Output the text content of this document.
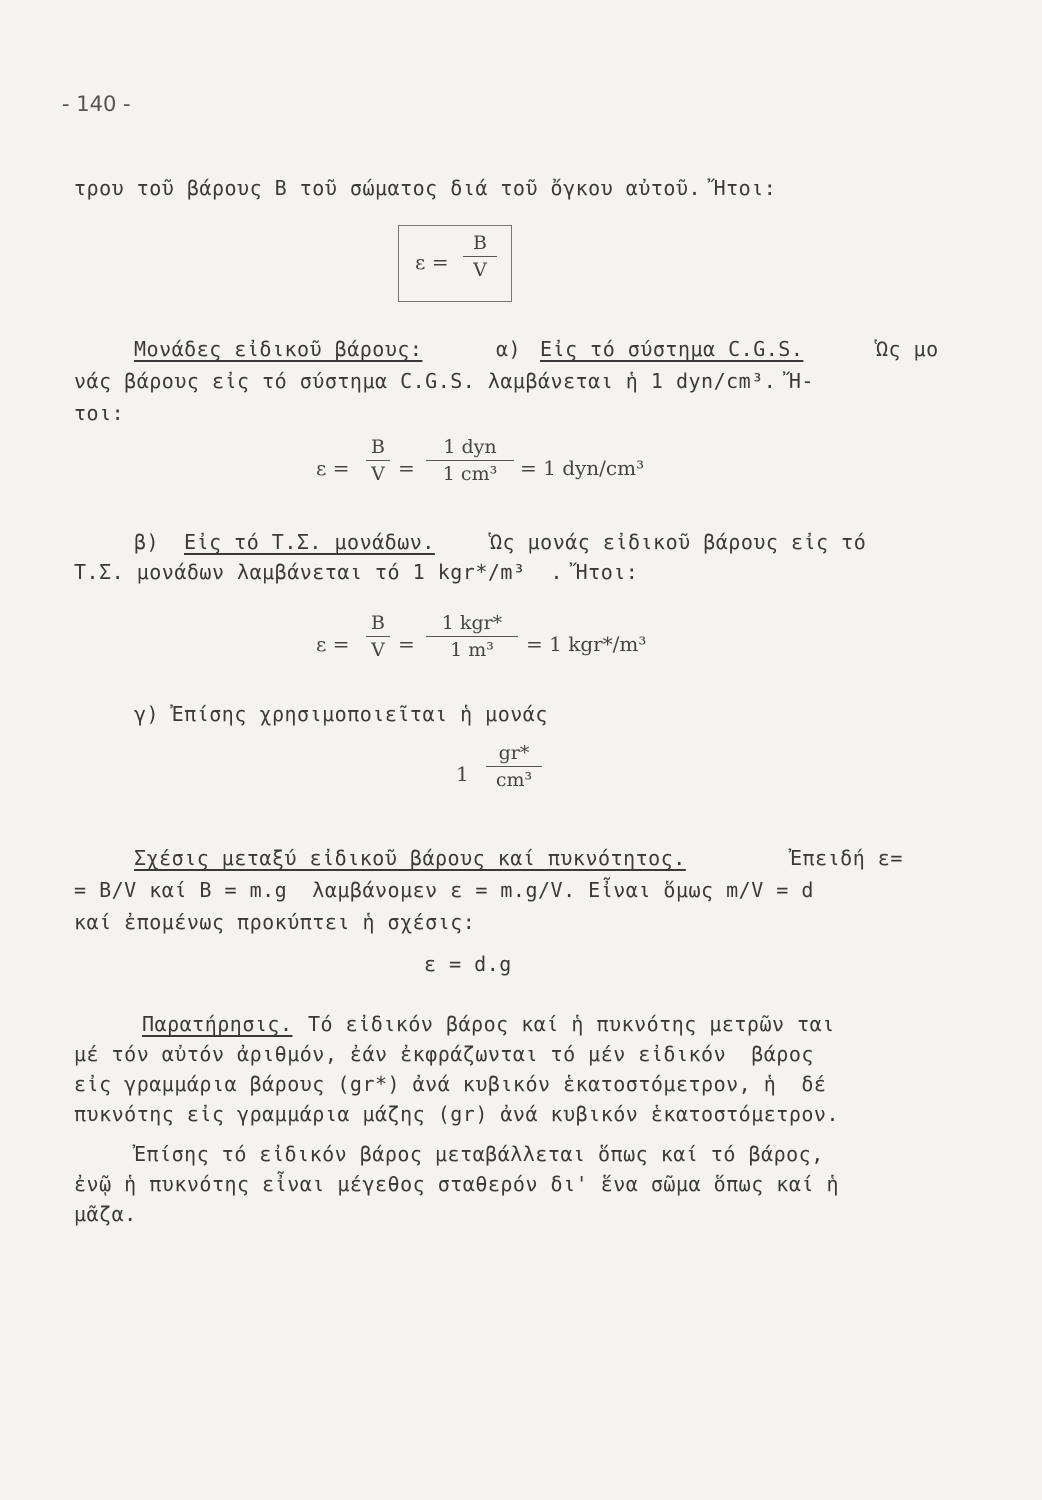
- 140 -
τρου τοῦ βάρους Β τοῦ σώματος διά τοῦ ὄγκου αὐτοῦ. Ἤτοι:
ε =
B
V
Μονάδες εἰδικοῦ βάρους:	α) Εἰς τό σύστημα C.G.S.	Ὡς μο
νάς βάρους εἰς τό σύστημα C.G.S. λαμβάνεται ἡ 1 dyn/cm³. Ἤ-
τοι:
ε =
B
V =
1 dyn
1 cm³ = 1 dyn/cm³
β) Εἰς τό Τ.Σ. μονάδων.	Ὡς μονάς εἰδικοῦ βάρους εἰς τό
Τ.Σ. μονάδων λαμβάνεται τό 1 kgr*/m³  . Ἤτοι:
ε =
B
V =
1 kgr*
1 m³ = 1 kgr*/m³
γ) Ἐπίσης χρησιμοποιεῖται ἡ μονάς
1
gr*
cm³
Σχέσις μεταξύ εἰδικοῦ βάρους καί πυκνότητος.	Ἐπειδή ε=
= Β/V καί Β = m.g  λαμβάνομεν ε = m.g/V. Εἶναι ὅμως m/V = d
καί ἐπομένως προκύπτει ἡ σχέσις:
ε = d.g
Παρατήρησις. Τό εἰδικόν βάρος καί ἡ πυκνότης μετρῶν ται
μέ τόν αὐτόν ἀριθμόν, ἐάν ἐκφράζωνται τό μέν εἰδικόν  βάρος
εἰς γραμμάρια βάρους (gr*) ἀνά κυβικόν ἑκατοστόμετρον, ἡ  δέ
πυκνότης εἰς γραμμάρια μάζης (gr) ἀνά κυβικόν ἑκατοστόμετρον.
Ἐπίσης τό εἰδικόν βάρος μεταβάλλεται ὅπως καί τό βάρος,
ἐνῷ ἡ πυκνότης εἶναι μέγεθος σταθερόν δι' ἕνα σῶμα ὅπως καί ἡ
μᾶζα.
